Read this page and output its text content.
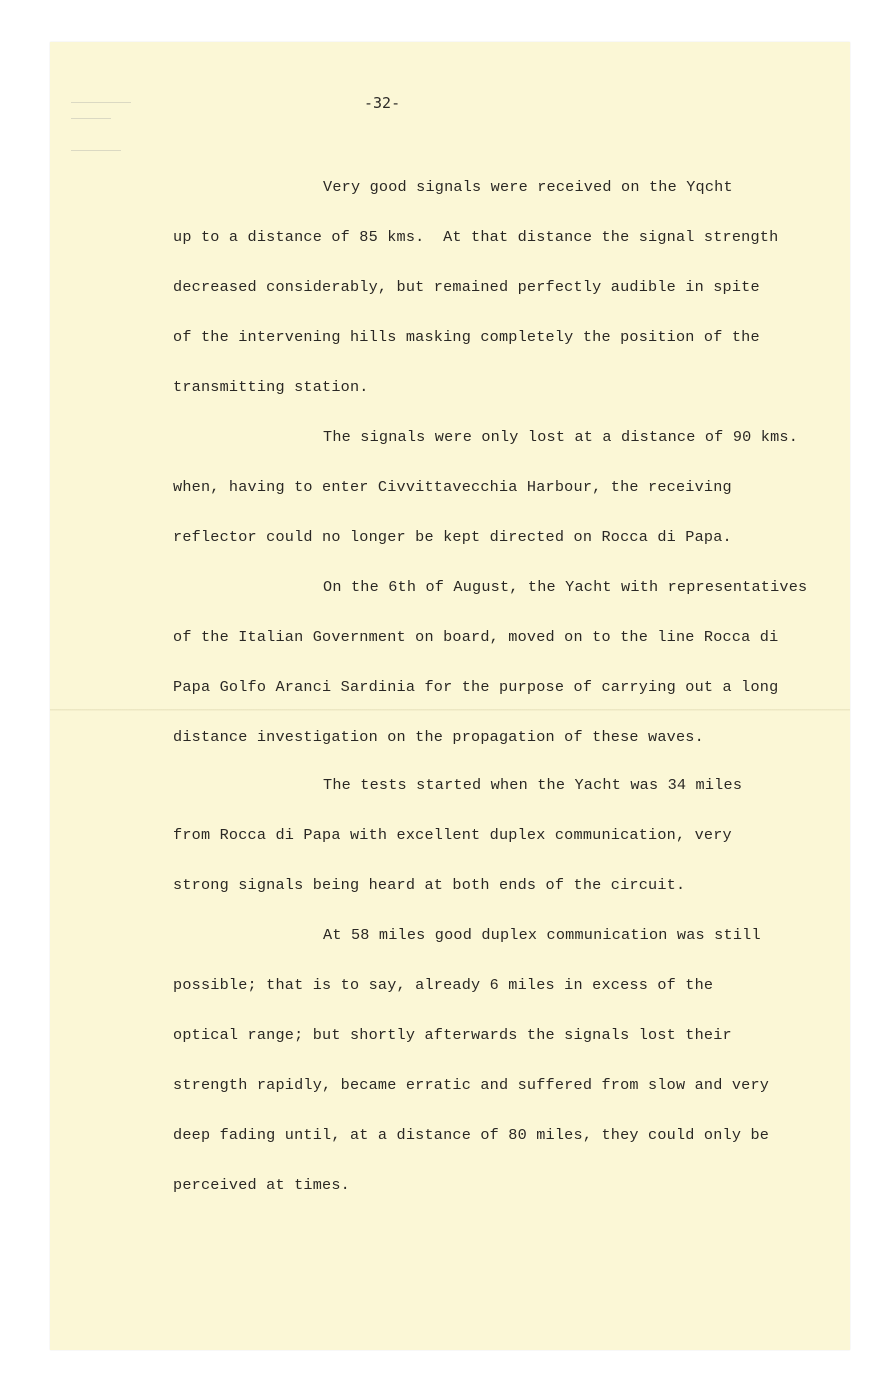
-32-
Very good signals were received on the Yqcht
up to a distance of 85 kms.  At that distance the signal strength
decreased considerably, but remained perfectly audible in spite
of the intervening hills masking completely the position of the
transmitting station.
The signals were only lost at a distance of 90 kms.
when, having to enter Civvittavecchia Harbour, the receiving
reflector could no longer be kept directed on Rocca di Papa.
On the 6th of August, the Yacht with representatives
of the Italian Government on board, moved on to the line Rocca di
Papa Golfo Aranci Sardinia for the purpose of carrying out a long
distance investigation on the propagation of these waves.
The tests started when the Yacht was 34 miles
from Rocca di Papa with excellent duplex communication, very
strong signals being heard at both ends of the circuit.
At 58 miles good duplex communication was still
possible; that is to say, already 6 miles in excess of the
optical range; but shortly afterwards the signals lost their
strength rapidly, became erratic and suffered from slow and very
deep fading until, at a distance of 80 miles, they could only be
perceived at times.
